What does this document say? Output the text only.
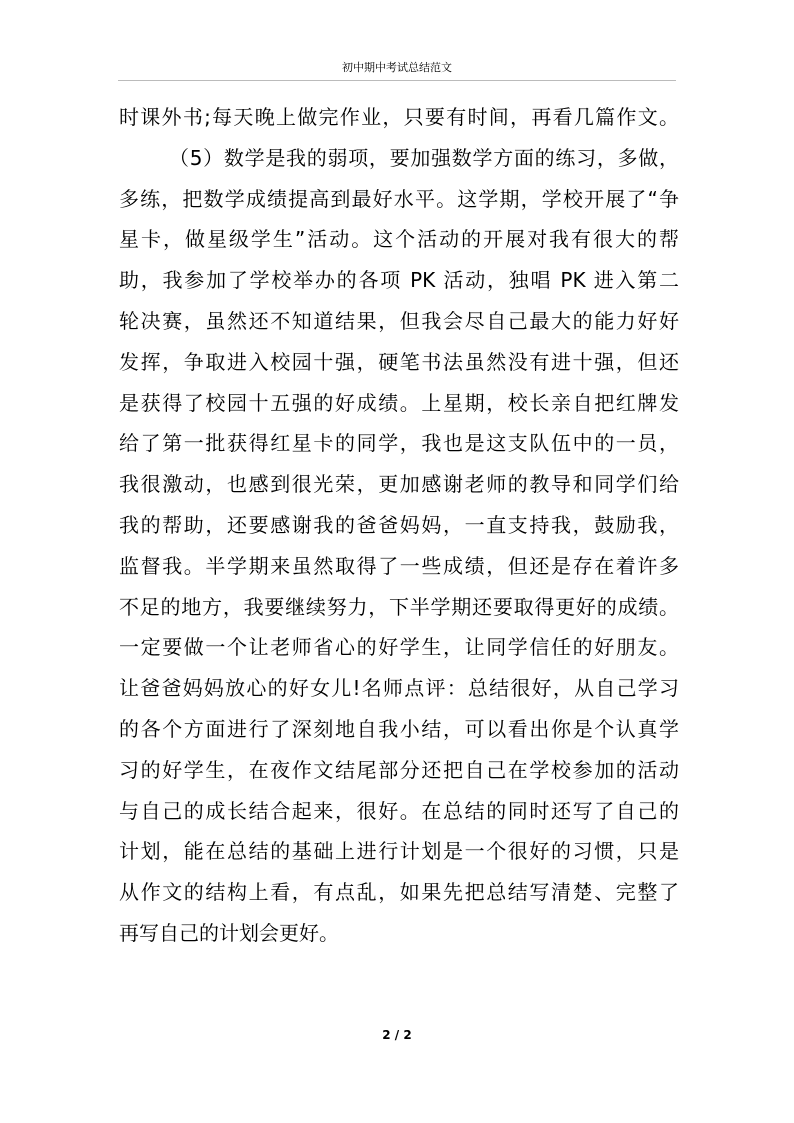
初中期中考试总结范文
时课外书;每天晚上做完作业，只要有时间，再看几篇作文。
（5）数学是我的弱项，要加强数学方面的练习，多做，
多练，把数学成绩提高到最好水平。这学期，学校开展了“争
星卡，做星级学生”活动。这个活动的开展对我有很大的帮
助，我参加了学校举办的各项 PK 活动，独唱 PK 进入第二
轮决赛，虽然还不知道结果，但我会尽自己最大的能力好好
发挥，争取进入校园十强，硬笔书法虽然没有进十强，但还
是获得了校园十五强的好成绩。上星期，校长亲自把红牌发
给了第一批获得红星卡的同学，我也是这支队伍中的一员，
我很激动，也感到很光荣，更加感谢老师的教导和同学们给
我的帮助，还要感谢我的爸爸妈妈，一直支持我，鼓励我，
监督我。半学期来虽然取得了一些成绩，但还是存在着许多
不足的地方，我要继续努力，下半学期还要取得更好的成绩。
一定要做一个让老师省心的好学生，让同学信任的好朋友。
让爸爸妈妈放心的好女儿!名师点评：总结很好，从自己学习
的各个方面进行了深刻地自我小结，可以看出你是个认真学
习的好学生，在夜作文结尾部分还把自己在学校参加的活动
与自己的成长结合起来，很好。在总结的同时还写了自己的
计划，能在总结的基础上进行计划是一个很好的习惯，只是
从作文的结构上看，有点乱，如果先把总结写清楚、完整了
再写自己的计划会更好。
2 / 2
